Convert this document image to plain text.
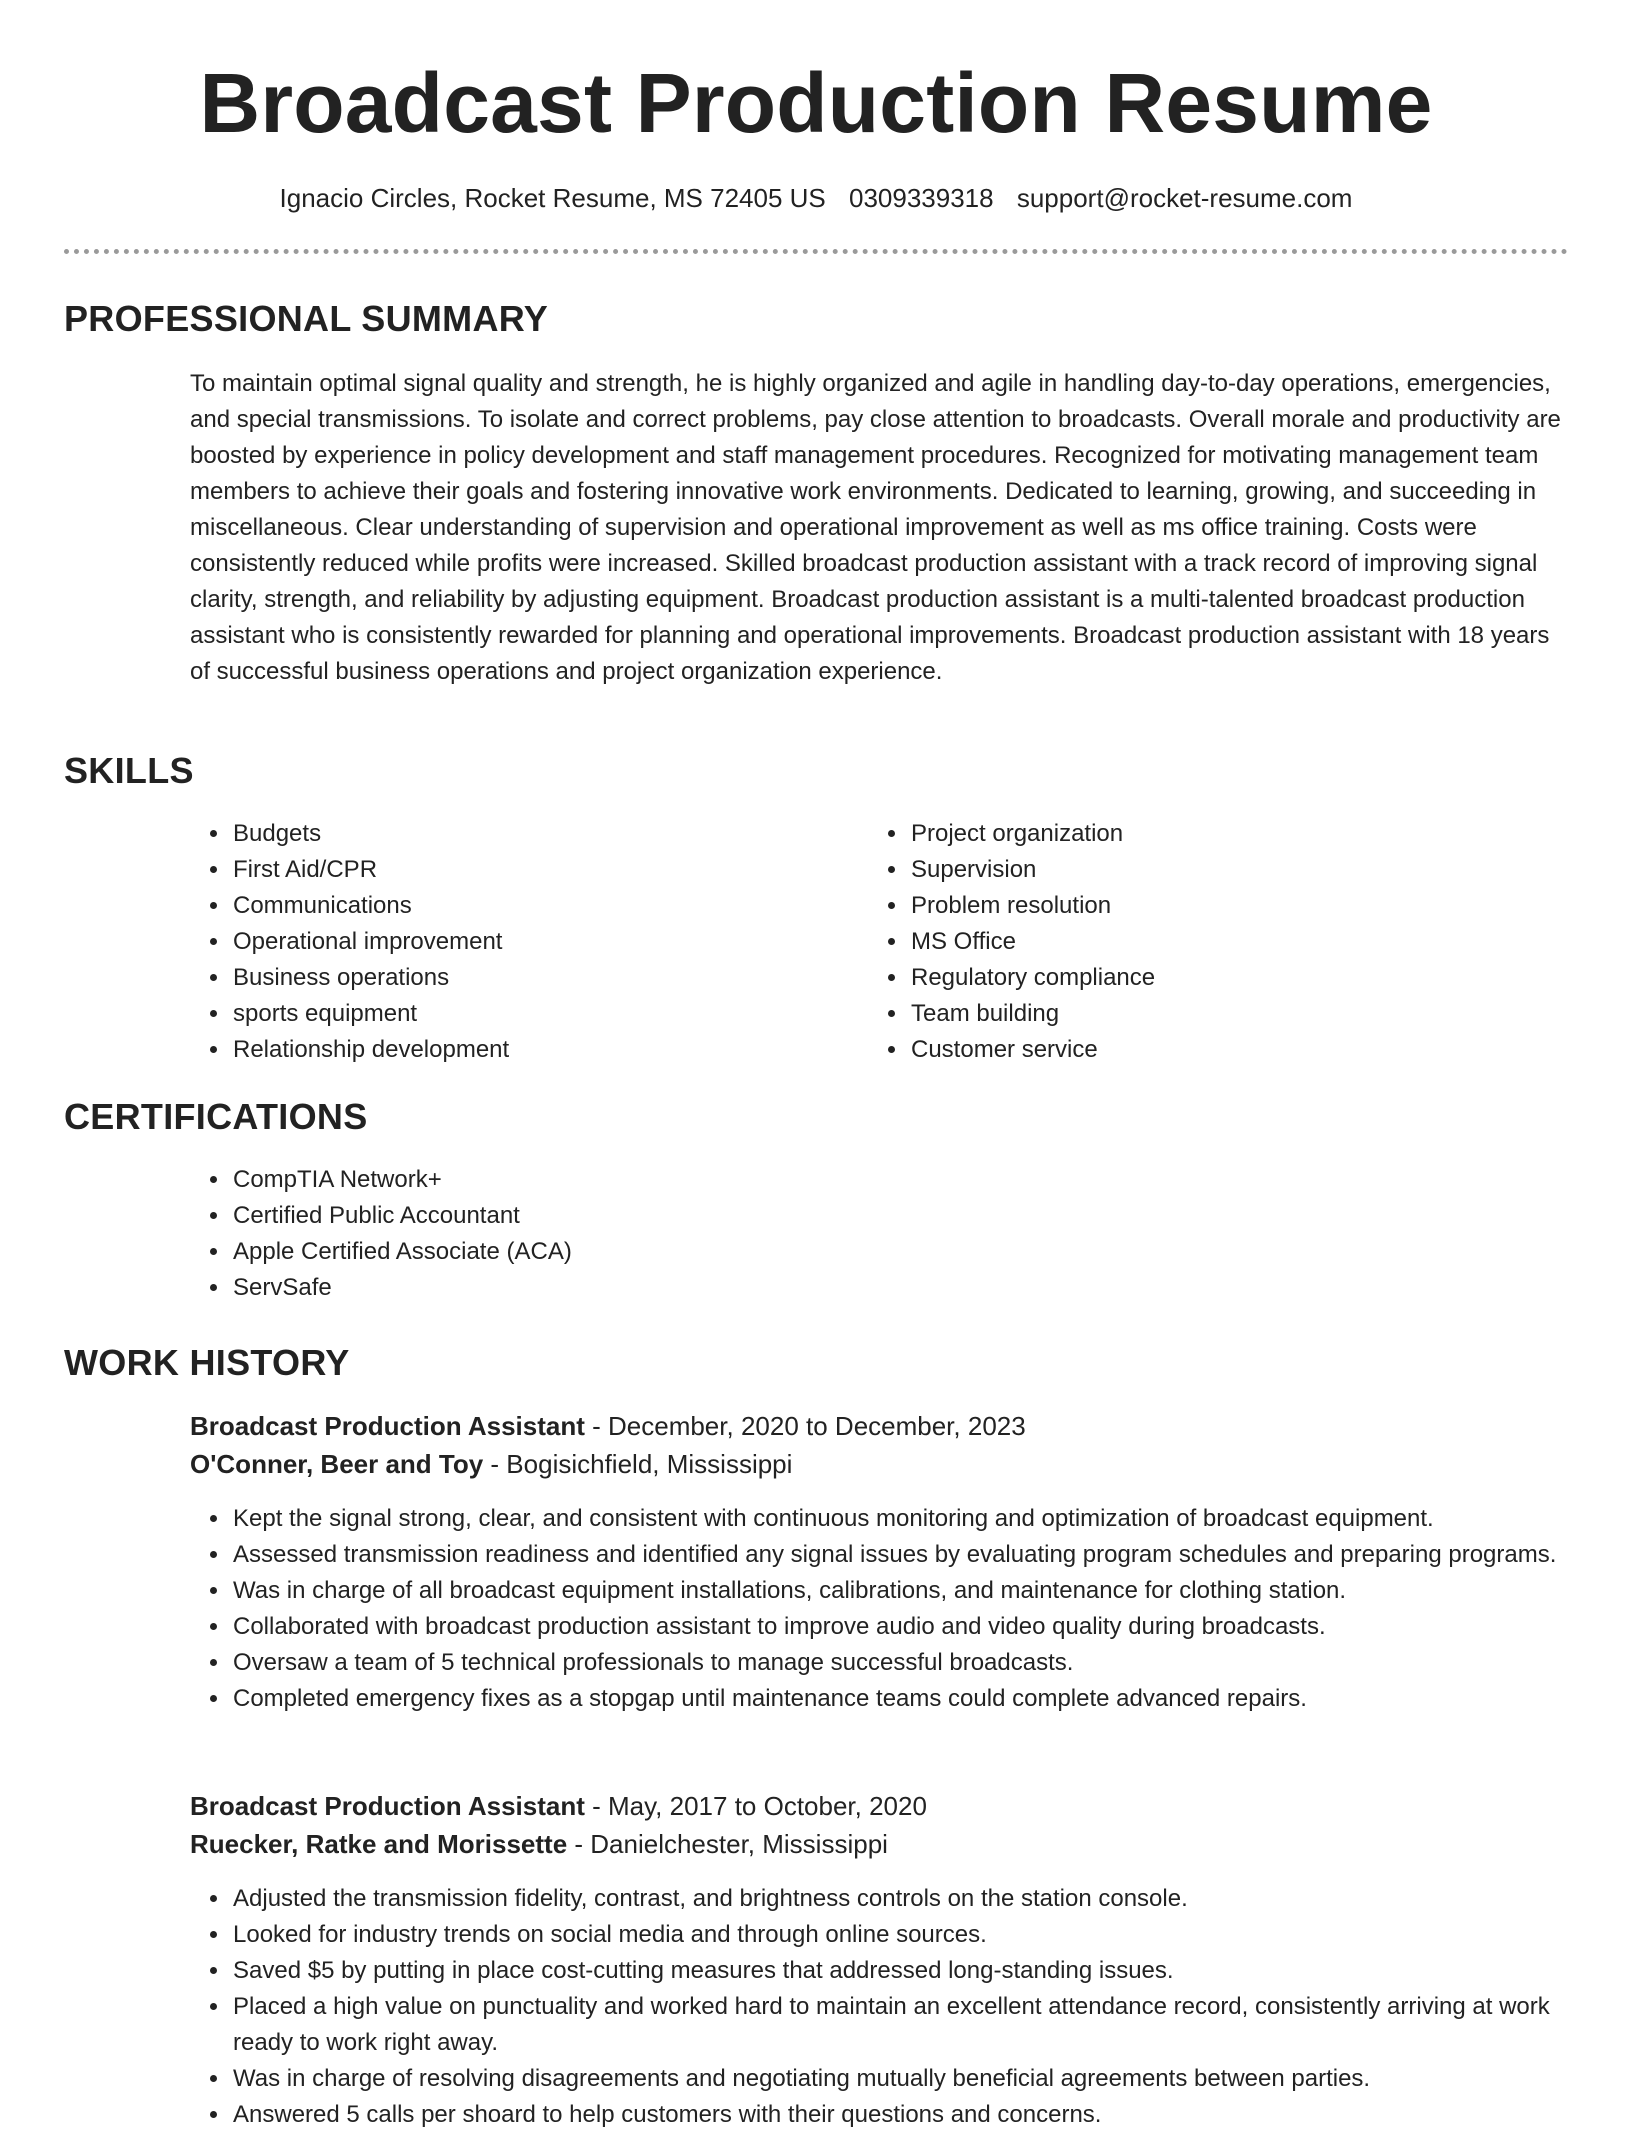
Broadcast Production Resume
Ignacio Circles, Rocket Resume, MS 72405 US 0309339318 support@rocket-resume.com
PROFESSIONAL SUMMARY

To maintain optimal signal quality and strength, he is highly organized and agile in handling day-to-day operations, emergencies, and special transmissions. To isolate and correct problems, pay close attention to broadcasts. Overall morale and productivity are boosted by experience in policy development and staff management procedures. Recognized for motivating management team members to achieve their goals and fostering innovative work environments. Dedicated to learning, growing, and succeeding in miscellaneous. Clear understanding of supervision and operational improvement as well as ms office training. Costs were consistently reduced while profits were increased. Skilled broadcast production assistant with a track record of improving signal clarity, strength, and reliability by adjusting equipment. Broadcast production assistant is a multi-talented broadcast production assistant who is consistently rewarded for planning and operational improvements. Broadcast production assistant with 18 years of successful business operations and project organization experience.

SKILLS
• Budgets
• First Aid/CPR
• Communications
• Operational improvement
• Business operations
• sports equipment
• Relationship development
• Project organization
• Supervision
• Problem resolution
• MS Office
• Regulatory compliance
• Team building
• Customer service
CERTIFICATIONS
• CompTIA Network+
• Certified Public Accountant
• Apple Certified Associate (ACA)
• ServSafe
WORK HISTORY
Broadcast Production Assistant - December, 2020 to December, 2023
O'Conner, Beer and Toy - Bogisichfield, Mississippi
• Kept the signal strong, clear, and consistent with continuous monitoring and optimization of broadcast equipment.
• Assessed transmission readiness and identified any signal issues by evaluating program schedules and preparing programs.
• Was in charge of all broadcast equipment installations, calibrations, and maintenance for clothing station.
• Collaborated with broadcast production assistant to improve audio and video quality during broadcasts.
• Oversaw a team of 5 technical professionals to manage successful broadcasts.
• Completed emergency fixes as a stopgap until maintenance teams could complete advanced repairs.
Broadcast Production Assistant - May, 2017 to October, 2020
Ruecker, Ratke and Morissette - Danielchester, Mississippi
• Adjusted the transmission fidelity, contrast, and brightness controls on the station console.
• Looked for industry trends on social media and through online sources.
• Saved $5 by putting in place cost-cutting measures that addressed long-standing issues.
• Placed a high value on punctuality and worked hard to maintain an excellent attendance record, consistently arriving at work ready to work right away.
• Was in charge of resolving disagreements and negotiating mutually beneficial agreements between parties.
• Answered 5 calls per shoard to help customers with their questions and concerns.
